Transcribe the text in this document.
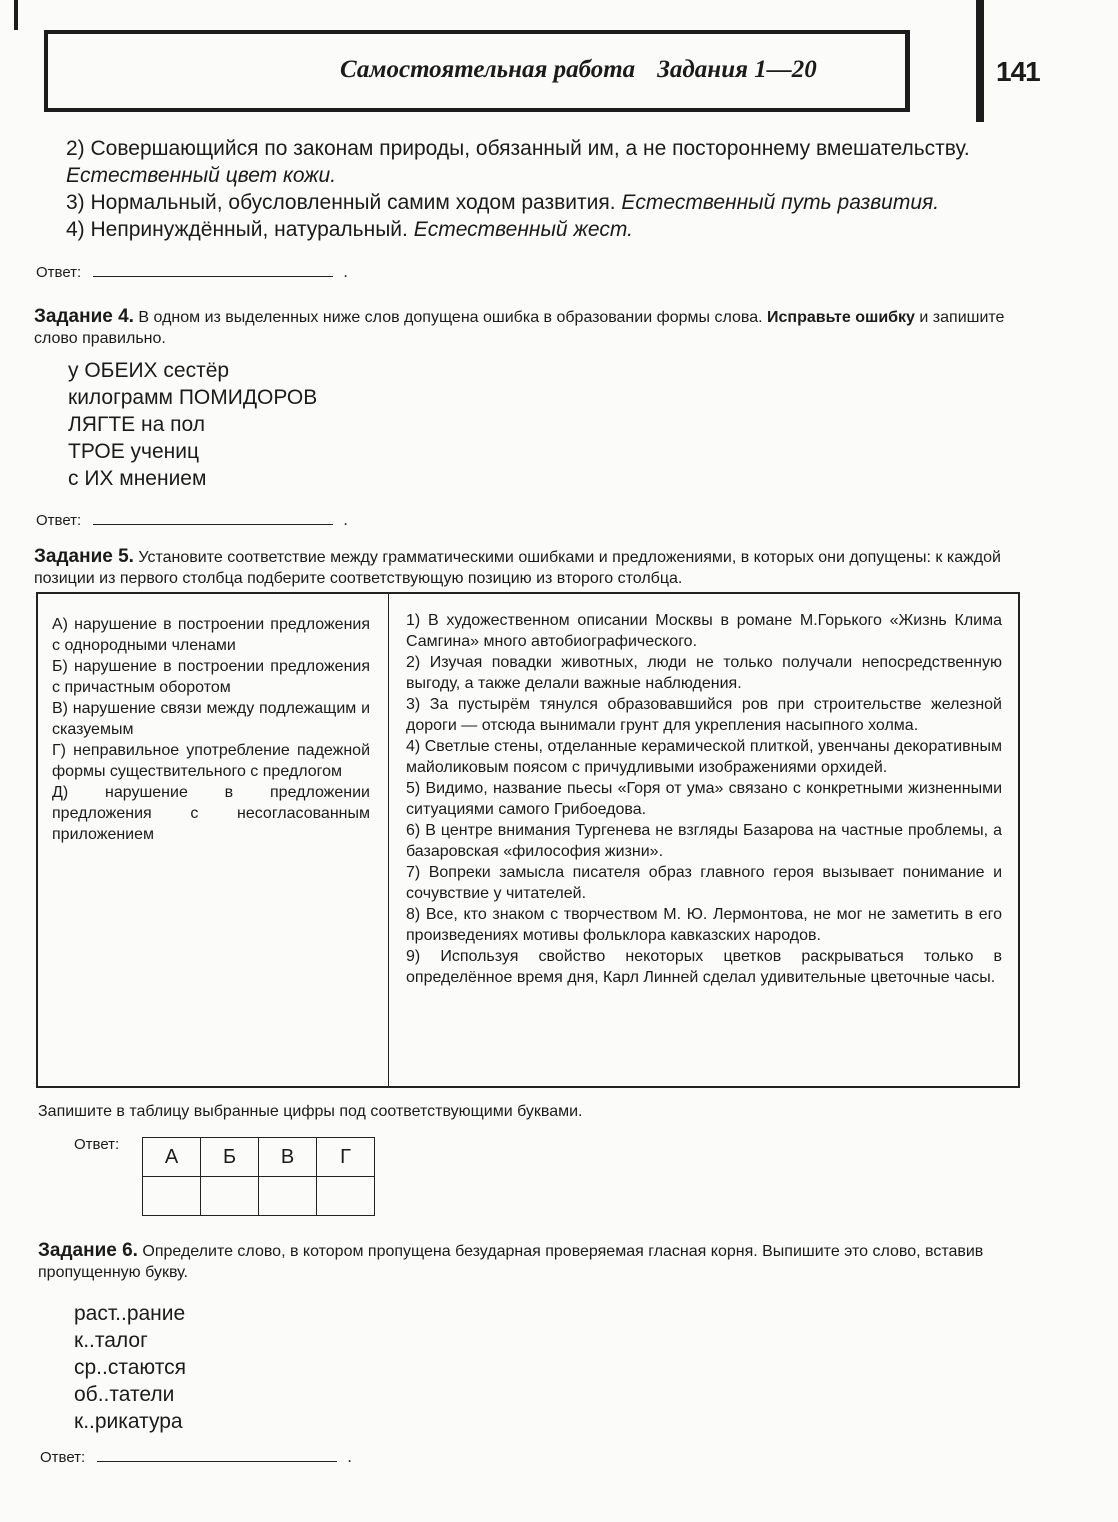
Самостоятельная работа Задания 1—20	141

2) Совершающийся по законам природы, обязанный им, а не постороннему вмешательству. Естественный цвет кожи.

3) Нормальный, обусловленный самим ходом развития. Естественный путь развития.

4) Непринуждённый, натуральный. Естественный жест.

Ответ:	.
Задание 4. В одном из выделенных ниже слов допущена ошибка в образовании формы слова. Исправьте ошибку и запишите слово правильно.
у ОБЕИХ сестёр
килограмм ПОМИДОРОВ
ЛЯГТЕ на пол
ТРОЕ учениц
с ИХ мнением
Ответ:	.
Задание 5. Установите соответствие между грамматическими ошибками и предложениями, в которых они допущены: к каждой позиции из первого столбца подберите соответствующую позицию из второго столбца.

А) нарушение в построении предложения с однородными членами

Б) нарушение в построении предложения с причастным оборотом

В) нарушение связи между подлежащим и сказуемым

Г) неправильное употребление падежной формы существительного с предлогом

Д) нарушение в предложении предложения с несогласованным приложением

1) В художественном описании Москвы в романе М.Горького «Жизнь Клима Самгина» много автобиографического.

2) Изучая повадки животных, люди не только получали непосредственную выгоду, а также делали важные наблюдения.

3) За пустырём тянулся образовавшийся ров при строительстве железной дороги — отсюда вынимали грунт для укрепления насыпного холма.

4) Светлые стены, отделанные керамической плиткой, увенчаны декоративным майоликовым поясом с причудливыми изображениями орхидей.

5) Видимо, название пьесы «Горя от ума» связано с конкретными жизненными ситуациями самого Грибоедова.

6) В центре внимания Тургенева не взгляды Базарова на частные проблемы, а базаровская «философия жизни».

7) Вопреки замысла писателя образ главного героя вызывает понимание и сочувствие у читателей.

8) Все, кто знаком с творчеством М. Ю. Лермонтова, не мог не заметить в его произведениях мотивы фольклора кавказских народов.

9) Используя свойство некоторых цветков раскрываться только в определённое время дня, Карл Линней сделал удивительные цветочные часы.

Запишите в таблицу выбранные цифры под соответствующими буквами.
Ответ:
А	Б	В	Г

Задание 6. Определите слово, в котором пропущена безударная проверяемая гласная корня. Выпишите это слово, вставив пропущенную букву.
раст..рание
к..талог
ср..стаются
об..татели
к..рикатура
Ответ:	.
